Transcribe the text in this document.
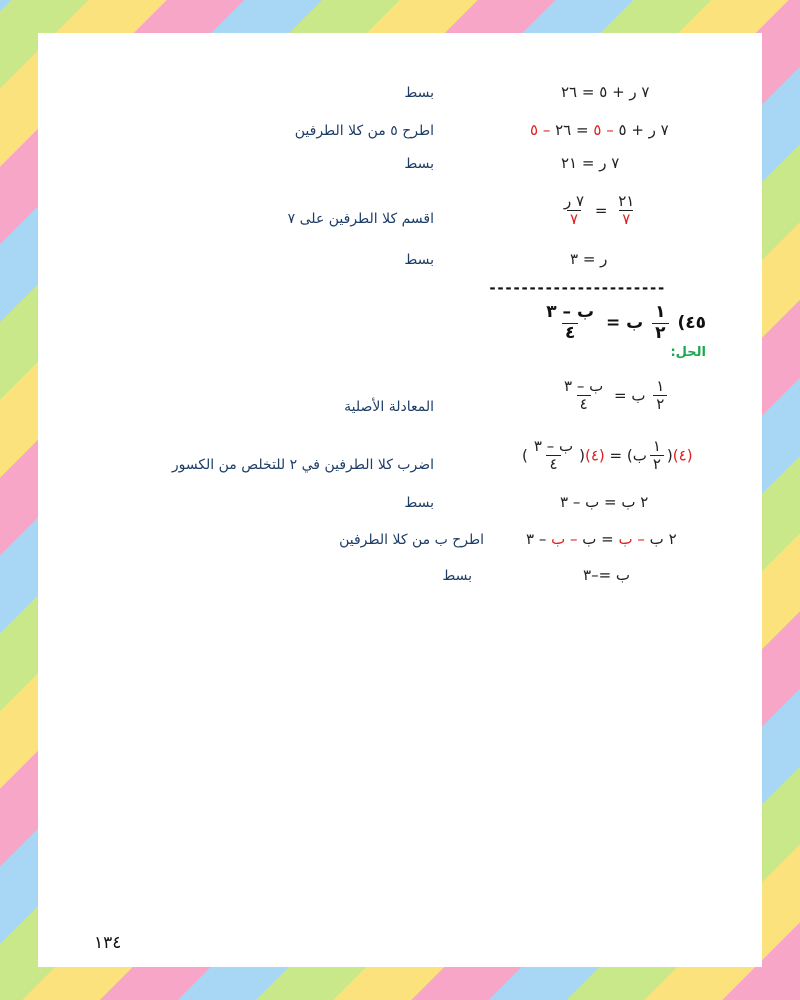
٧ ر + ٥ = ٢٦
بسط
٧ ر + ٥ – ٥ = ٢٦ – ٥
اطرح ٥ من كلا الطرفين
٧ ر = ٢١
بسط
$\frac{\text{٧ ر}}{٧} = \frac{٢١}{٧}$
اقسم كلا الطرفين على ٧
ر = ٣
بسط
----------------------
٤٥)
$\frac{١}{٢}$
ب =
$\frac{\text{ب – ٣}}{٤}$
الحل:
$\frac{١}{٢}$
ب =
$\frac{\text{ب – ٣}}{٤}$
المعادلة الأصلية
(٤)(
$\frac{١}{٢}$
ب) = (٤)(
$\frac{\text{ب – ٣}}{٤}$
)
اضرب كلا الطرفين في ٢ للتخلص من الكسور
٢ ب = ب – ٣
بسط
٢ ب – ب = ب – ب – ٣
اطرح ب من كلا الطرفين
ب =–٣
بسط
١٣٤
